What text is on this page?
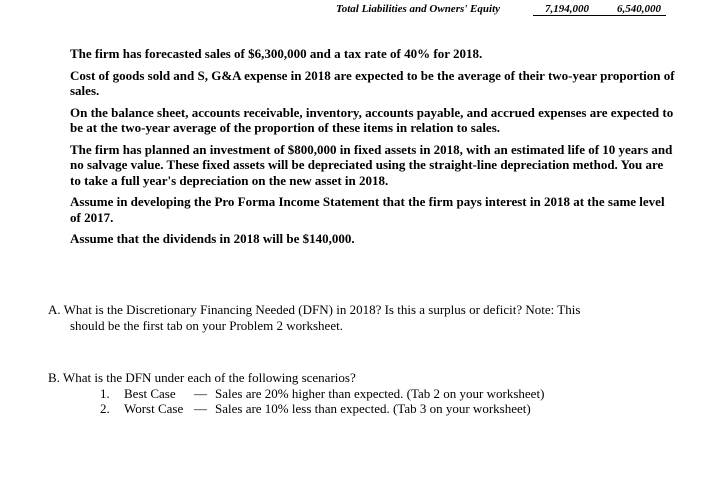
Total Liabilities and Owners' Equity	7,194,000	6,540,000

The firm has forecasted sales of $6,300,000 and a tax rate of 40% for 2018.

Cost of goods sold and S, G&A expense in 2018 are expected to be the average of their two-year proportion of sales.

On the balance sheet, accounts receivable, inventory, accounts payable, and accrued expenses are expected to be at the two-year average of the proportion of these items in relation to sales.

The firm has planned an investment of $800,000 in fixed assets in 2018, with an estimated life of 10 years and no salvage value. These fixed assets will be depreciated using the straight-line depreciation method. You are to take a full year's depreciation on the new asset in 2018.

Assume in developing the Pro Forma Income Statement that the firm pays interest in 2018 at the same level of 2017.

Assume that the dividends in 2018 will be $140,000.

A. What is the Discretionary Financing Needed (DFN) in 2018? Is this a surplus or deficit? Note: This
should be the first tab on your Problem 2 worksheet.
B. What is the DFN under each of the following scenarios?
1. Best Case — Sales are 20% higher than expected. (Tab 2 on your worksheet)
2. Worst Case — Sales are 10% less than expected. (Tab 3 on your worksheet)
